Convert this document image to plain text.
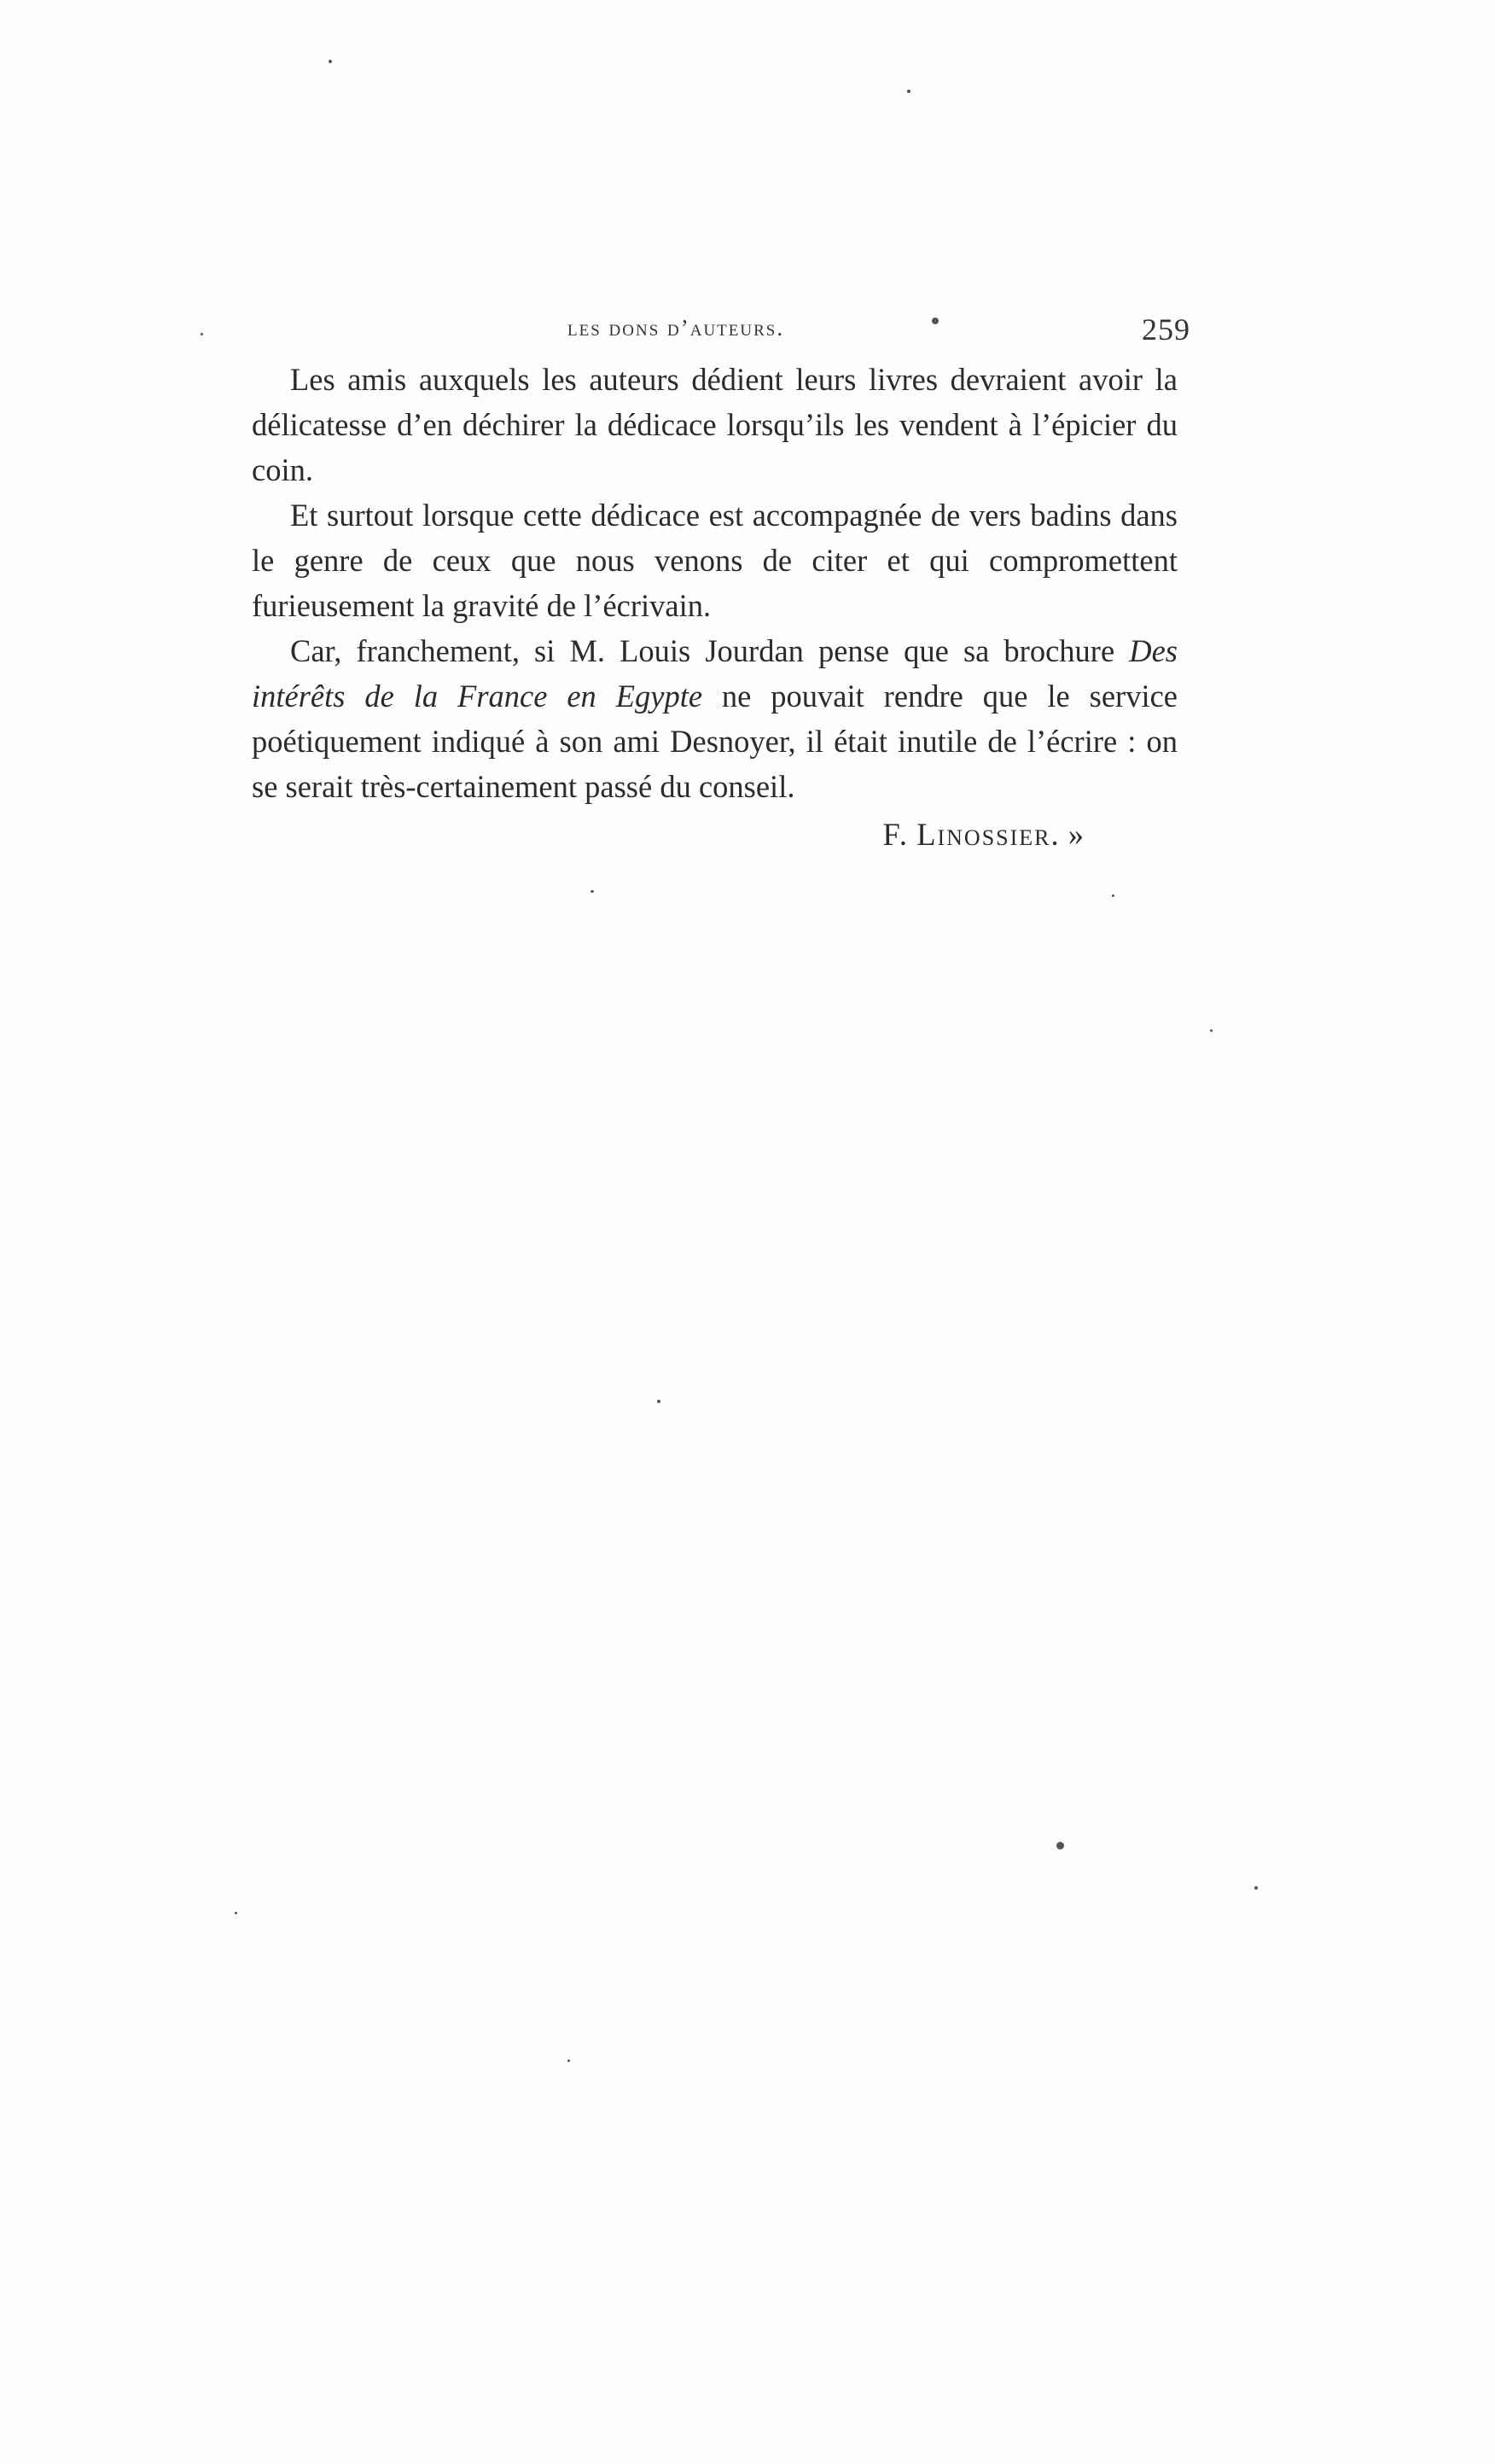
les dons d’auteurs.	259

Les amis auxquels les auteurs dédient leurs livres devraient avoir la délicatesse d’en déchirer la dédicace lorsqu’ils les vendent à l’épicier du coin.

Et surtout lorsque cette dédicace est accompagnée de vers badins dans le genre de ceux que nous venons de citer et qui compromettent furieusement la gravité de l’écrivain.

Car, franchement, si M. Louis Jourdan pense que sa brochure Des intérêts de la France en Egypte ne pouvait rendre que le service poétiquement indiqué à son ami Desnoyer, il était inutile de l’écrire : on se serait très-certainement passé du conseil.

F. Linossier. »
